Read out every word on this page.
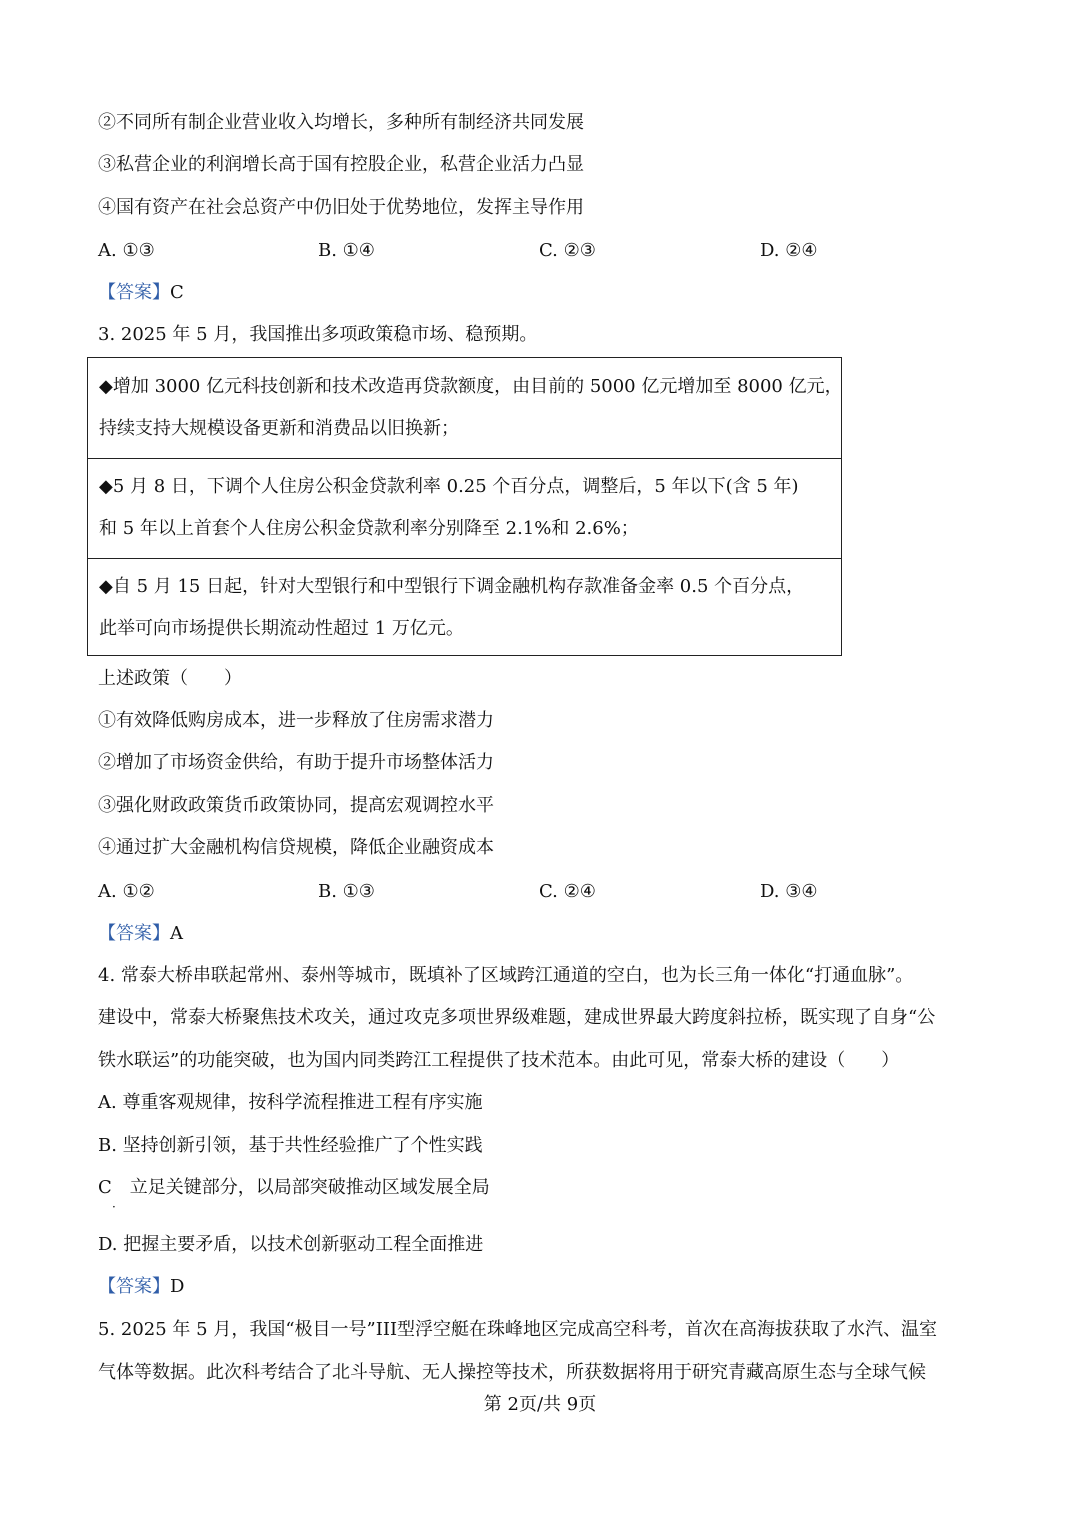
②不同所有制企业营业收入均增长，多种所有制经济共同发展
③私营企业的利润增长高于国有控股企业，私营企业活力凸显
④国有资产在社会总资产中仍旧处于优势地位，发挥主导作用
A. ①③	B. ①④	C. ②③	D. ②④
【答案】C
3. 2025 年 5 月，我国推出多项政策稳市场、稳预期。
◆增加 3000 亿元科技创新和技术改造再贷款额度，由目前的 5000 亿元增加至 8000 亿元，
持续支持大规模设备更新和消费品以旧换新；
◆5 月 8 日，下调个人住房公积金贷款利率 0.25 个百分点，调整后，5 年以下(含 5 年)
和 5 年以上首套个人住房公积金贷款利率分别降至 2.1%和 2.6%；
◆自 5 月 15 日起，针对大型银行和中型银行下调金融机构存款准备金率 0.5 个百分点，
此举可向市场提供长期流动性超过 1 万亿元。
上述政策（　　）
①有效降低购房成本，进一步释放了住房需求潜力
②增加了市场资金供给，有助于提升市场整体活力
③强化财政政策货币政策协同，提高宏观调控水平
④通过扩大金融机构信贷规模，降低企业融资成本
A. ①②	B. ①③	C. ②④	D. ③④
【答案】A
4. 常泰大桥串联起常州、泰州等城市，既填补了区域跨江通道的空白，也为长三角一体化“打通血脉”。
建设中，常泰大桥聚焦技术攻关，通过攻克多项世界级难题，建成世界最大跨度斜拉桥，既实现了自身“公
铁水联运”的功能突破，也为国内同类跨江工程提供了技术范本。由此可见，常泰大桥的建设（　　）
A. 尊重客观规律，按科学流程推进工程有序实施
B. 坚持创新引领，基于共性经验推广了个性实践
C　立足关键部分，以局部突破推动区域发展全局
·
D. 把握主要矛盾，以技术创新驱动工程全面推进
【答案】D
5. 2025 年 5 月，我国“极目一号”III型浮空艇在珠峰地区完成高空科考，首次在高海拔获取了水汽、温室
气体等数据。此次科考结合了北斗导航、无人操控等技术，所获数据将用于研究青藏高原生态与全球气候
第 2页/共 9页
